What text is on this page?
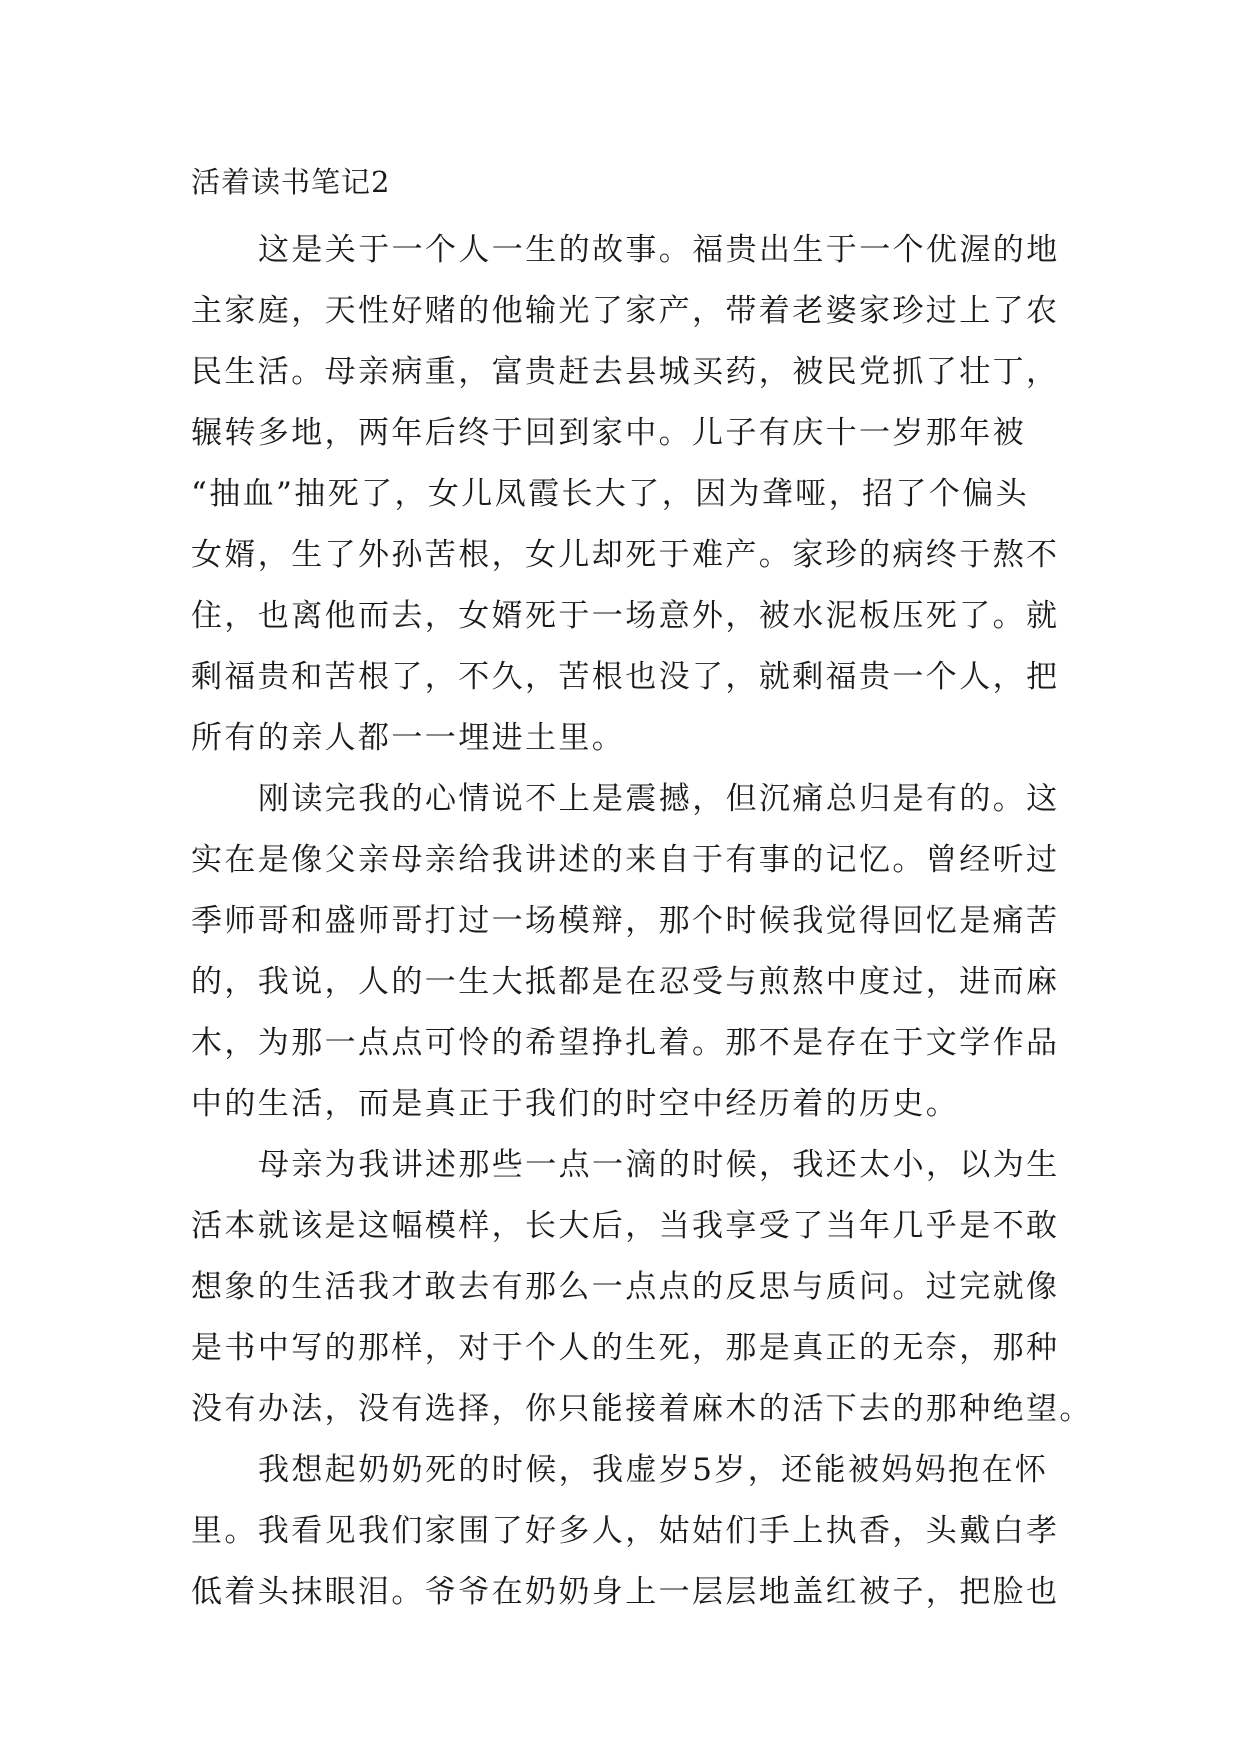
活着读书笔记2
这是关于一个人一生的故事。福贵出生于一个优渥的地
主家庭，天性好赌的他输光了家产，带着老婆家珍过上了农
民生活。母亲病重，富贵赶去县城买药，被民党抓了壮丁，
辗转多地，两年后终于回到家中。儿子有庆十一岁那年被
“抽血”抽死了，女儿凤霞长大了，因为聋哑，招了个偏头
女婿，生了外孙苦根，女儿却死于难产。家珍的病终于熬不
住，也离他而去，女婿死于一场意外，被水泥板压死了。就
剩福贵和苦根了，不久，苦根也没了，就剩福贵一个人，把
所有的亲人都一一埋进土里。
刚读完我的心情说不上是震撼，但沉痛总归是有的。这
实在是像父亲母亲给我讲述的来自于有事的记忆。曾经听过
季师哥和盛师哥打过一场模辩，那个时候我觉得回忆是痛苦
的，我说，人的一生大抵都是在忍受与煎熬中度过，进而麻
木，为那一点点可怜的希望挣扎着。那不是存在于文学作品
中的生活，而是真正于我们的时空中经历着的历史。
母亲为我讲述那些一点一滴的时候，我还太小，以为生
活本就该是这幅模样，长大后，当我享受了当年几乎是不敢
想象的生活我才敢去有那么一点点的反思与质问。过完就像
是书中写的那样，对于个人的生死，那是真正的无奈，那种
没有办法，没有选择，你只能接着麻木的活下去的那种绝望。
我想起奶奶死的时候，我虚岁5岁，还能被妈妈抱在怀
里。我看见我们家围了好多人，姑姑们手上执香，头戴白孝
低着头抹眼泪。爷爷在奶奶身上一层层地盖红被子，把脸也
